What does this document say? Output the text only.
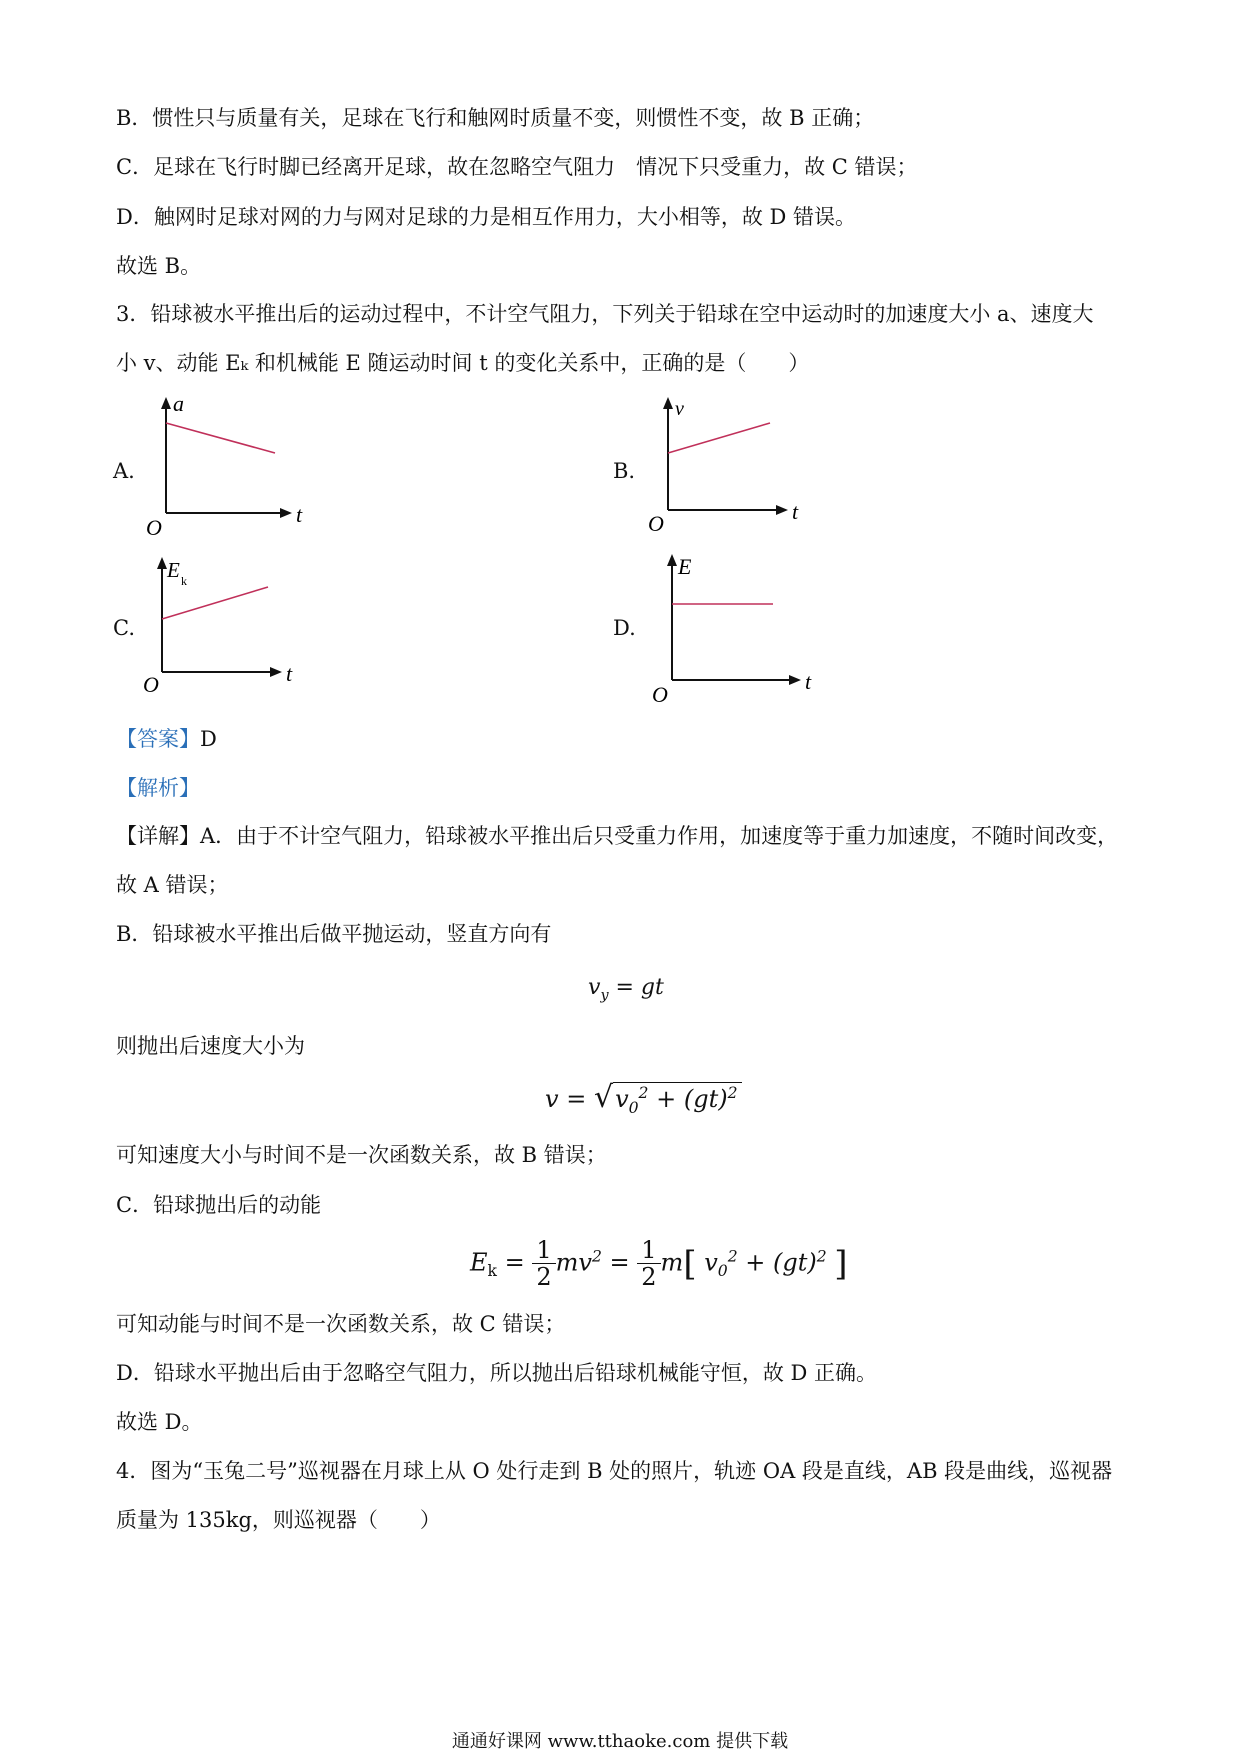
B．惯性只与质量有关，足球在飞行和触网时质量不变，则惯性不变，故 B 正确；
C．足球在飞行时脚已经离开足球，故在忽略空气阻力　情况下只受重力，故 C 错误；
D．触网时足球对网的力与网对足球的力是相互作用力，大小相等，故 D 错误。
故选 B。
3．铅球被水平推出后的运动过程中，不计空气阻力，下列关于铅球在空中运动时的加速度大小 a、速度大
小 v、动能 Eₖ 和机械能 E 随运动时间 t 的变化关系中，正确的是（　　）
A.
a
t
O
B.
v
t
O
C.
E k
t
O
D.
E
t
O
【答案】D
【解析】
【详解】A．由于不计空气阻力，铅球被水平推出后只受重力作用，加速度等于重力加速度，不随时间改变，
故 A 错误；
B．铅球被水平推出后做平抛运动，竖直方向有
$v_y$ = gt
则抛出后速度大小为
$v = √v_0^2 + (gt)^2$
可知速度大小与时间不是一次函数关系，故 B 错误；
C．铅球抛出后的动能
$E_k = \frac{1}{2} mv^2 = \frac{1}{2} m$[ $v_0^2 + (gt)^2$ ]
可知动能与时间不是一次函数关系，故 C 错误；
D．铅球水平抛出后由于忽略空气阻力，所以抛出后铅球机械能守恒，故 D 正确。
故选 D。
4．图为“玉兔二号”巡视器在月球上从 O 处行走到 B 处的照片，轨迹 OA 段是直线，AB 段是曲线，巡视器
质量为 135kg，则巡视器（　　）
通通好课网 www.tthaoke.com 提供下载
